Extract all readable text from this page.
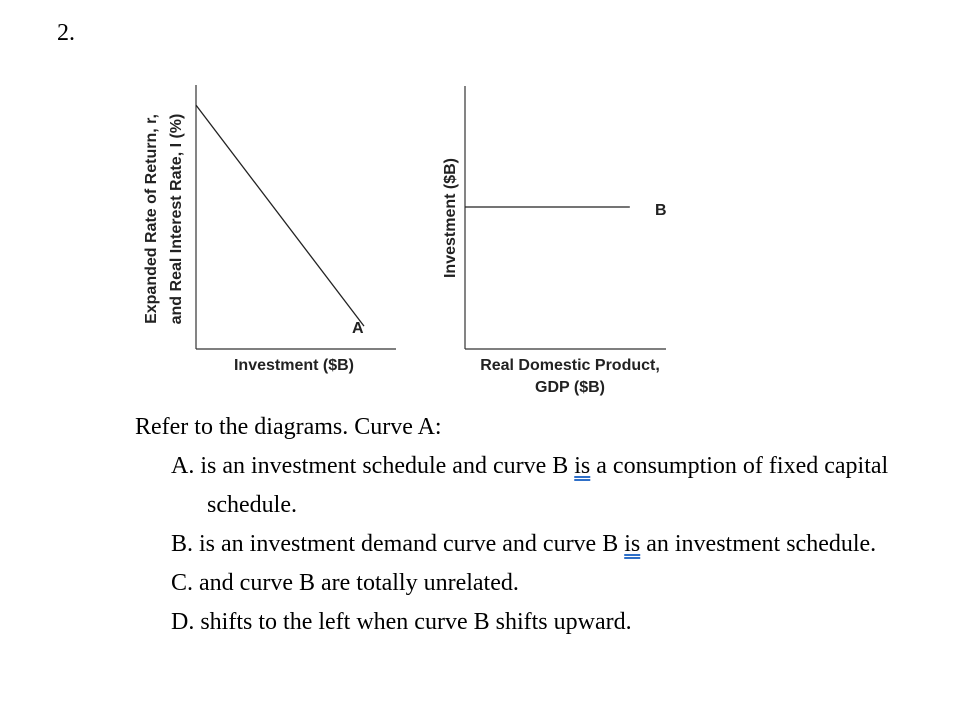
2.
A
Investment ($B)
Expanded Rate of Return, r, and Real Interest Rate, I (%)	B
Real Domestic Product,
GDP ($B)
Investment ($B)

Refer to the diagrams. Curve A:

A. is an investment schedule and curve B is a consumption of fixed capital schedule.

B. is an investment demand curve and curve B is an investment schedule.

C. and curve B are totally unrelated.

D. shifts to the left when curve B shifts upward.
